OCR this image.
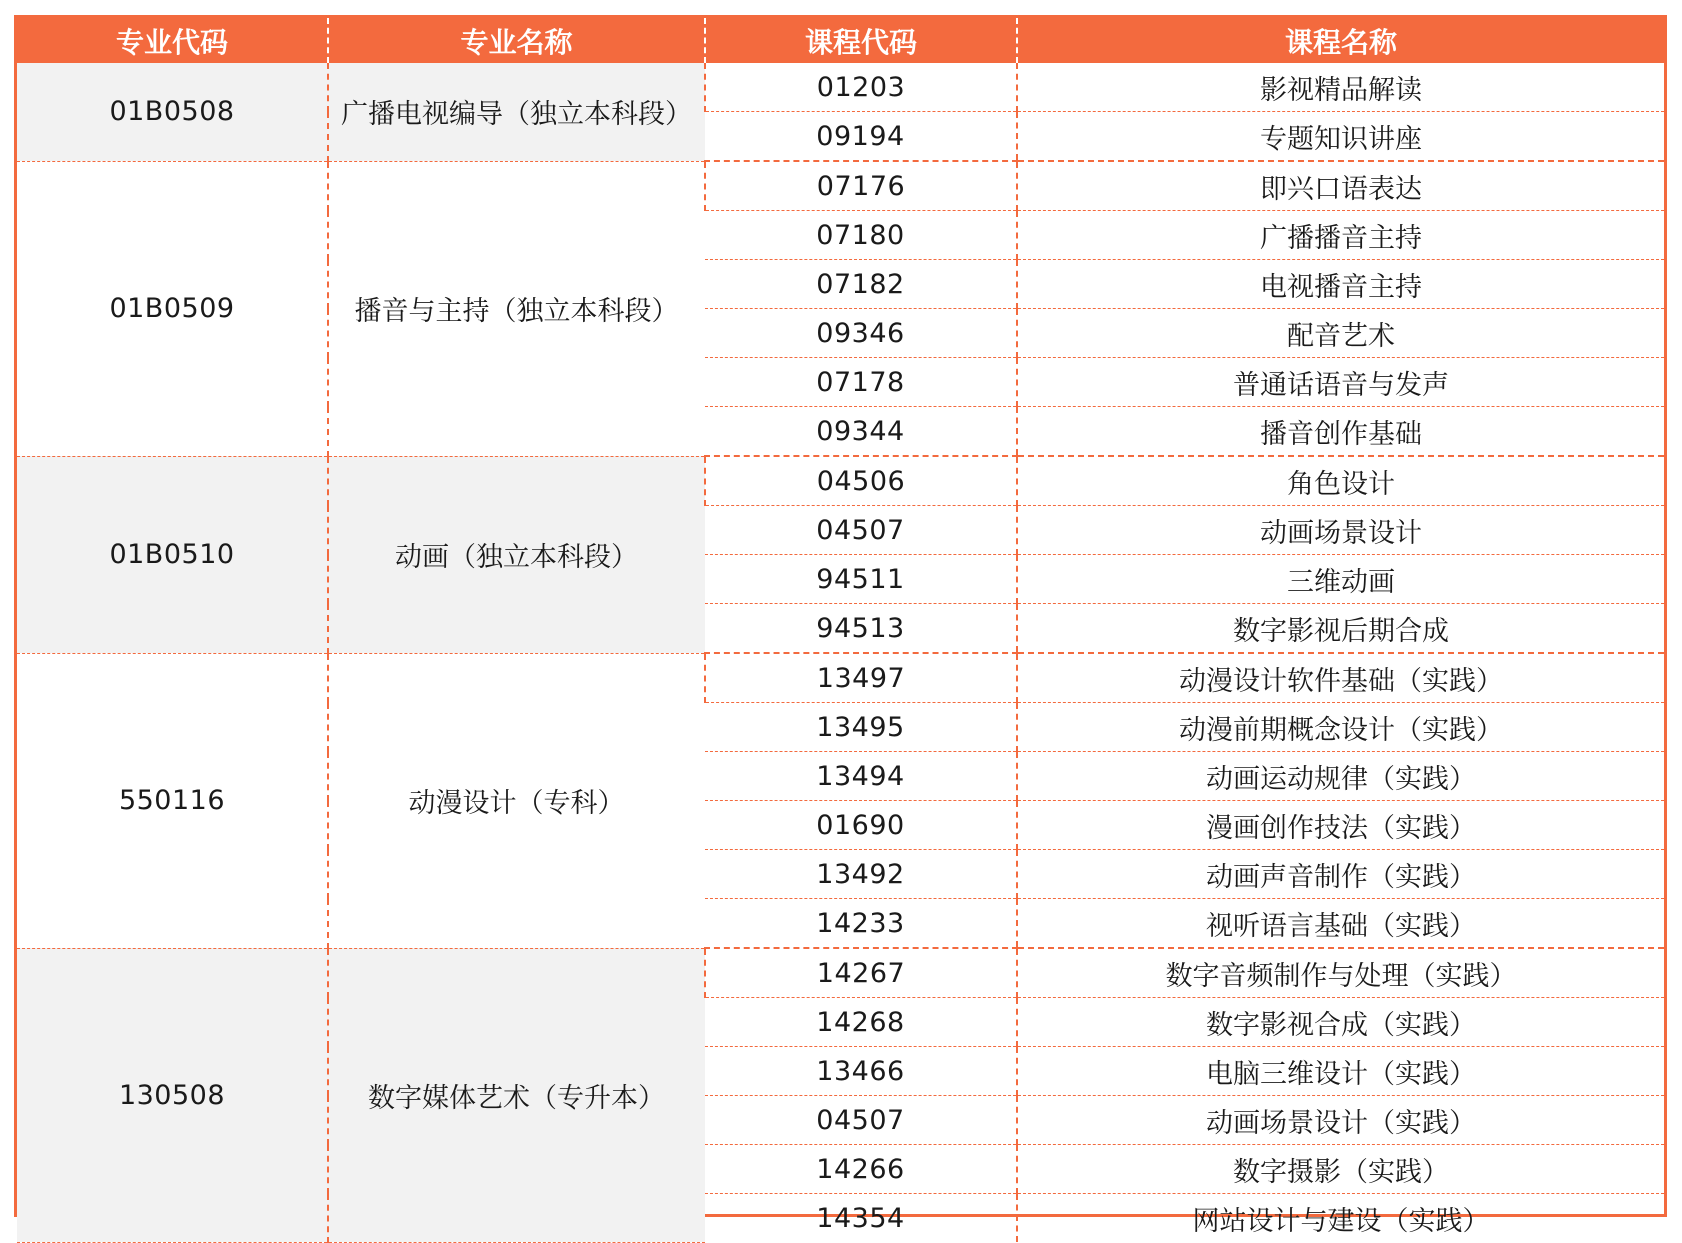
专业代码	专业名称	课程代码	课程名称
01B0508	广播电视编导（独立本科段）	01203	影视精品解读
		09194	专题知识讲座
01B0509	播音与主持（独立本科段）	07176	即兴口语表达
		07180	广播播音主持
		07182	电视播音主持
		09346	配音艺术
		07178	普通话语音与发声
		09344	播音创作基础
01B0510	动画（独立本科段）	04506	角色设计
		04507	动画场景设计
		94511	三维动画
		94513	数字影视后期合成
550116	动漫设计（专科）	13497	动漫设计软件基础（实践）
		13495	动漫前期概念设计（实践）
		13494	动画运动规律（实践）
		01690	漫画创作技法（实践）
		13492	动画声音制作（实践）
		14233	视听语言基础（实践）
130508	数字媒体艺术（专升本）	14267	数字音频制作与处理（实践）
		14268	数字影视合成（实践）
		13466	电脑三维设计（实践）
		04507	动画场景设计（实践）
		14266	数字摄影（实践）
		14354	网站设计与建设（实践）
